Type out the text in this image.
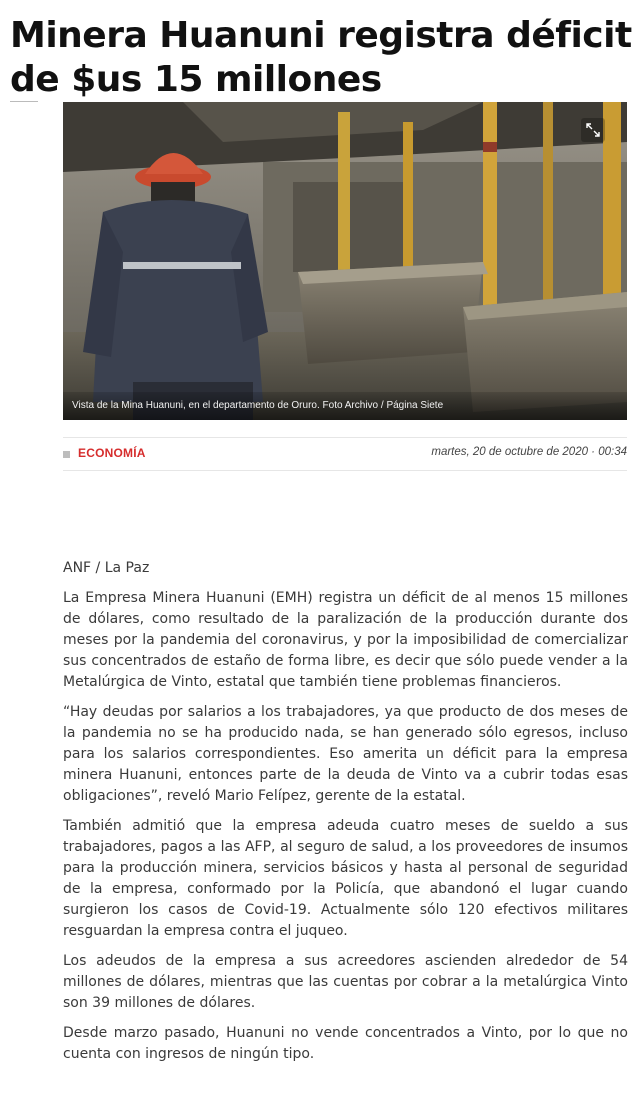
Minera Huanuni registra déficit de $us 15 millones
Vista de la Mina Huanuni, en el departamento de Oruro. Foto Archivo / Página Siete
ECONOMÍA	martes, 20 de octubre de 2020 · 00:34

ANF / La Paz

La Empresa Minera Huanuni (EMH) registra un déficit de al menos 15 millones de dólares, como resultado de la paralización de la producción durante dos meses por la pandemia del coronavirus, y por la imposibilidad de comercializar sus concentrados de estaño de forma libre, es decir que sólo puede vender a la Metalúrgica de Vinto, estatal que también tiene problemas financieros.

“Hay deudas por salarios a los trabajadores, ya que producto de dos meses de la pandemia no se ha producido nada, se han generado sólo egresos, incluso para los salarios correspondientes. Eso amerita un déficit para la empresa minera Huanuni, entonces parte de la deuda de Vinto va a cubrir todas esas obligaciones”, reveló Mario Felípez, gerente de la estatal.

También admitió que la empresa adeuda cuatro meses de sueldo a sus trabajadores, pagos a las AFP, al seguro de salud, a los proveedores de insumos para la producción minera, servicios básicos y hasta al personal de seguridad de la empresa, conformado por la Policía, que abandonó el lugar cuando surgieron los casos de Covid-19. Actualmente sólo 120 efectivos militares resguardan la empresa contra el juqueo.

Los adeudos de la empresa a sus acreedores ascienden alrededor de 54 millones de dólares, mientras que las cuentas por cobrar a la metalúrgica Vinto son 39 millones de dólares.

Desde marzo pasado, Huanuni no vende concentrados a Vinto, por lo que no cuenta con ingresos de ningún tipo.
